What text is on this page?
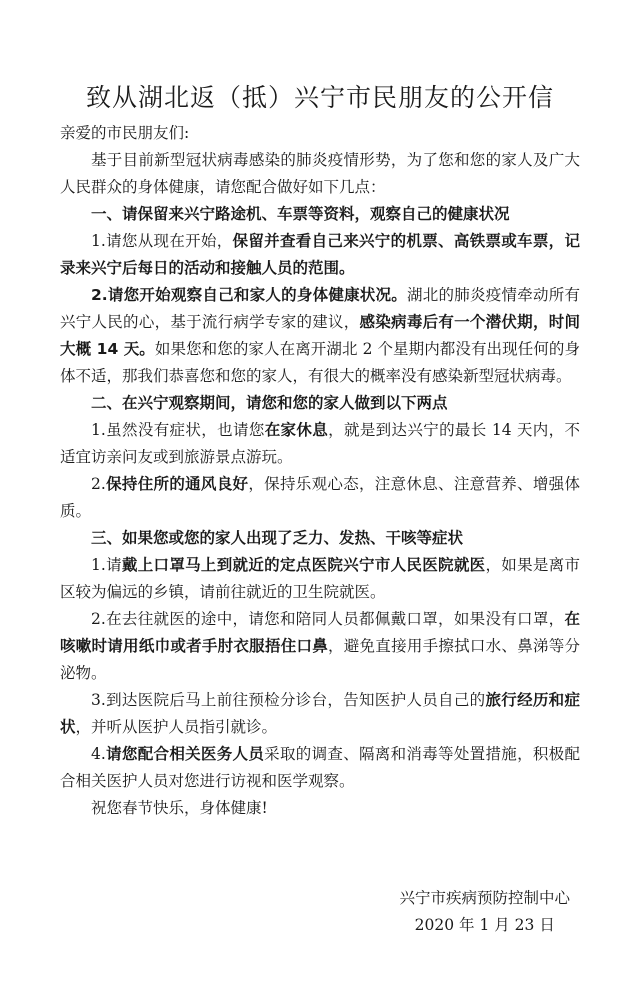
致从湖北返（抵）兴宁市民朋友的公开信

亲爱的市民朋友们:

基于目前新型冠状病毒感染的肺炎疫情形势，为了您和您的家人及广大人民群众的身体健康，请您配合做好如下几点：

一、请保留来兴宁路途机、车票等资料，观察自己的健康状况

1.请您从现在开始，保留并查看自己来兴宁的机票、高铁票或车票，记录来兴宁后每日的活动和接触人员的范围。

2.请您开始观察自己和家人的身体健康状况。湖北的肺炎疫情牵动所有兴宁人民的心，基于流行病学专家的建议，感染病毒后有一个潜伏期，时间大概 14 天。如果您和您的家人在离开湖北 2 个星期内都没有出现任何的身体不适，那我们恭喜您和您的家人，有很大的概率没有感染新型冠状病毒。

二、在兴宁观察期间，请您和您的家人做到以下两点

1.虽然没有症状，也请您在家休息，就是到达兴宁的最长 14 天内，不适宜访亲问友或到旅游景点游玩。

2.保持住所的通风良好，保持乐观心态，注意休息、注意营养、增强体质。

三、如果您或您的家人出现了乏力、发热、干咳等症状

1.请戴上口罩马上到就近的定点医院兴宁市人民医院就医，如果是离市区较为偏远的乡镇，请前往就近的卫生院就医。

2.在去往就医的途中，请您和陪同人员都佩戴口罩，如果没有口罩，在咳嗽时请用纸巾或者手肘衣服捂住口鼻，避免直接用手擦拭口水、鼻涕等分泌物。

3.到达医院后马上前往预检分诊台，告知医护人员自己的旅行经历和症状，并听从医护人员指引就诊。

4.请您配合相关医务人员采取的调查、隔离和消毒等处置措施，积极配合相关医护人员对您进行访视和医学观察。

祝您春节快乐，身体健康!

兴宁市疾病预防控制中心
2020 年 1 月 23 日
